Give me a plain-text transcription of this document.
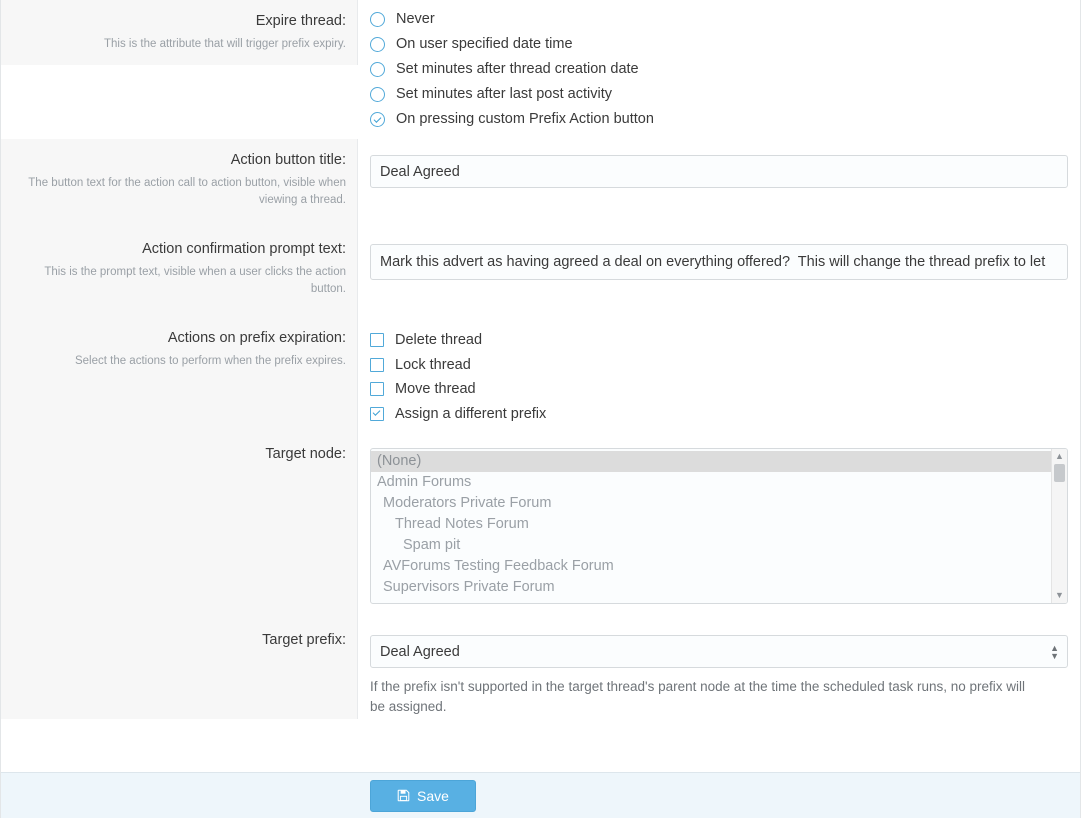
Expire thread:
This is the attribute that will trigger prefix expiry.
Never
On user specified date time
Set minutes after thread creation date
Set minutes after last post activity
On pressing custom Prefix Action button
Action button title:
The button text for the action call to action button, visible when viewing a thread.
Deal Agreed
Action confirmation prompt text:
This is the prompt text, visible when a user clicks the action button.
Mark this advert as having agreed a deal on everything offered? This will change the thread prefix to let
Actions on prefix expiration:
Select the actions to perform when the prefix expires.
Delete thread
Lock thread
Move thread
Assign a different prefix
Target node:	(None)
Admin Forums
Moderators Private Forum
Thread Notes Forum
Spam pit
AVForums Testing Feedback Forum
Supervisors Private Forum
▲
▼
Target prefix:
Deal Agreed	▲
▼
If the prefix isn't supported in the target thread's parent node at the time the scheduled task runs, no prefix will be assigned.
Save
